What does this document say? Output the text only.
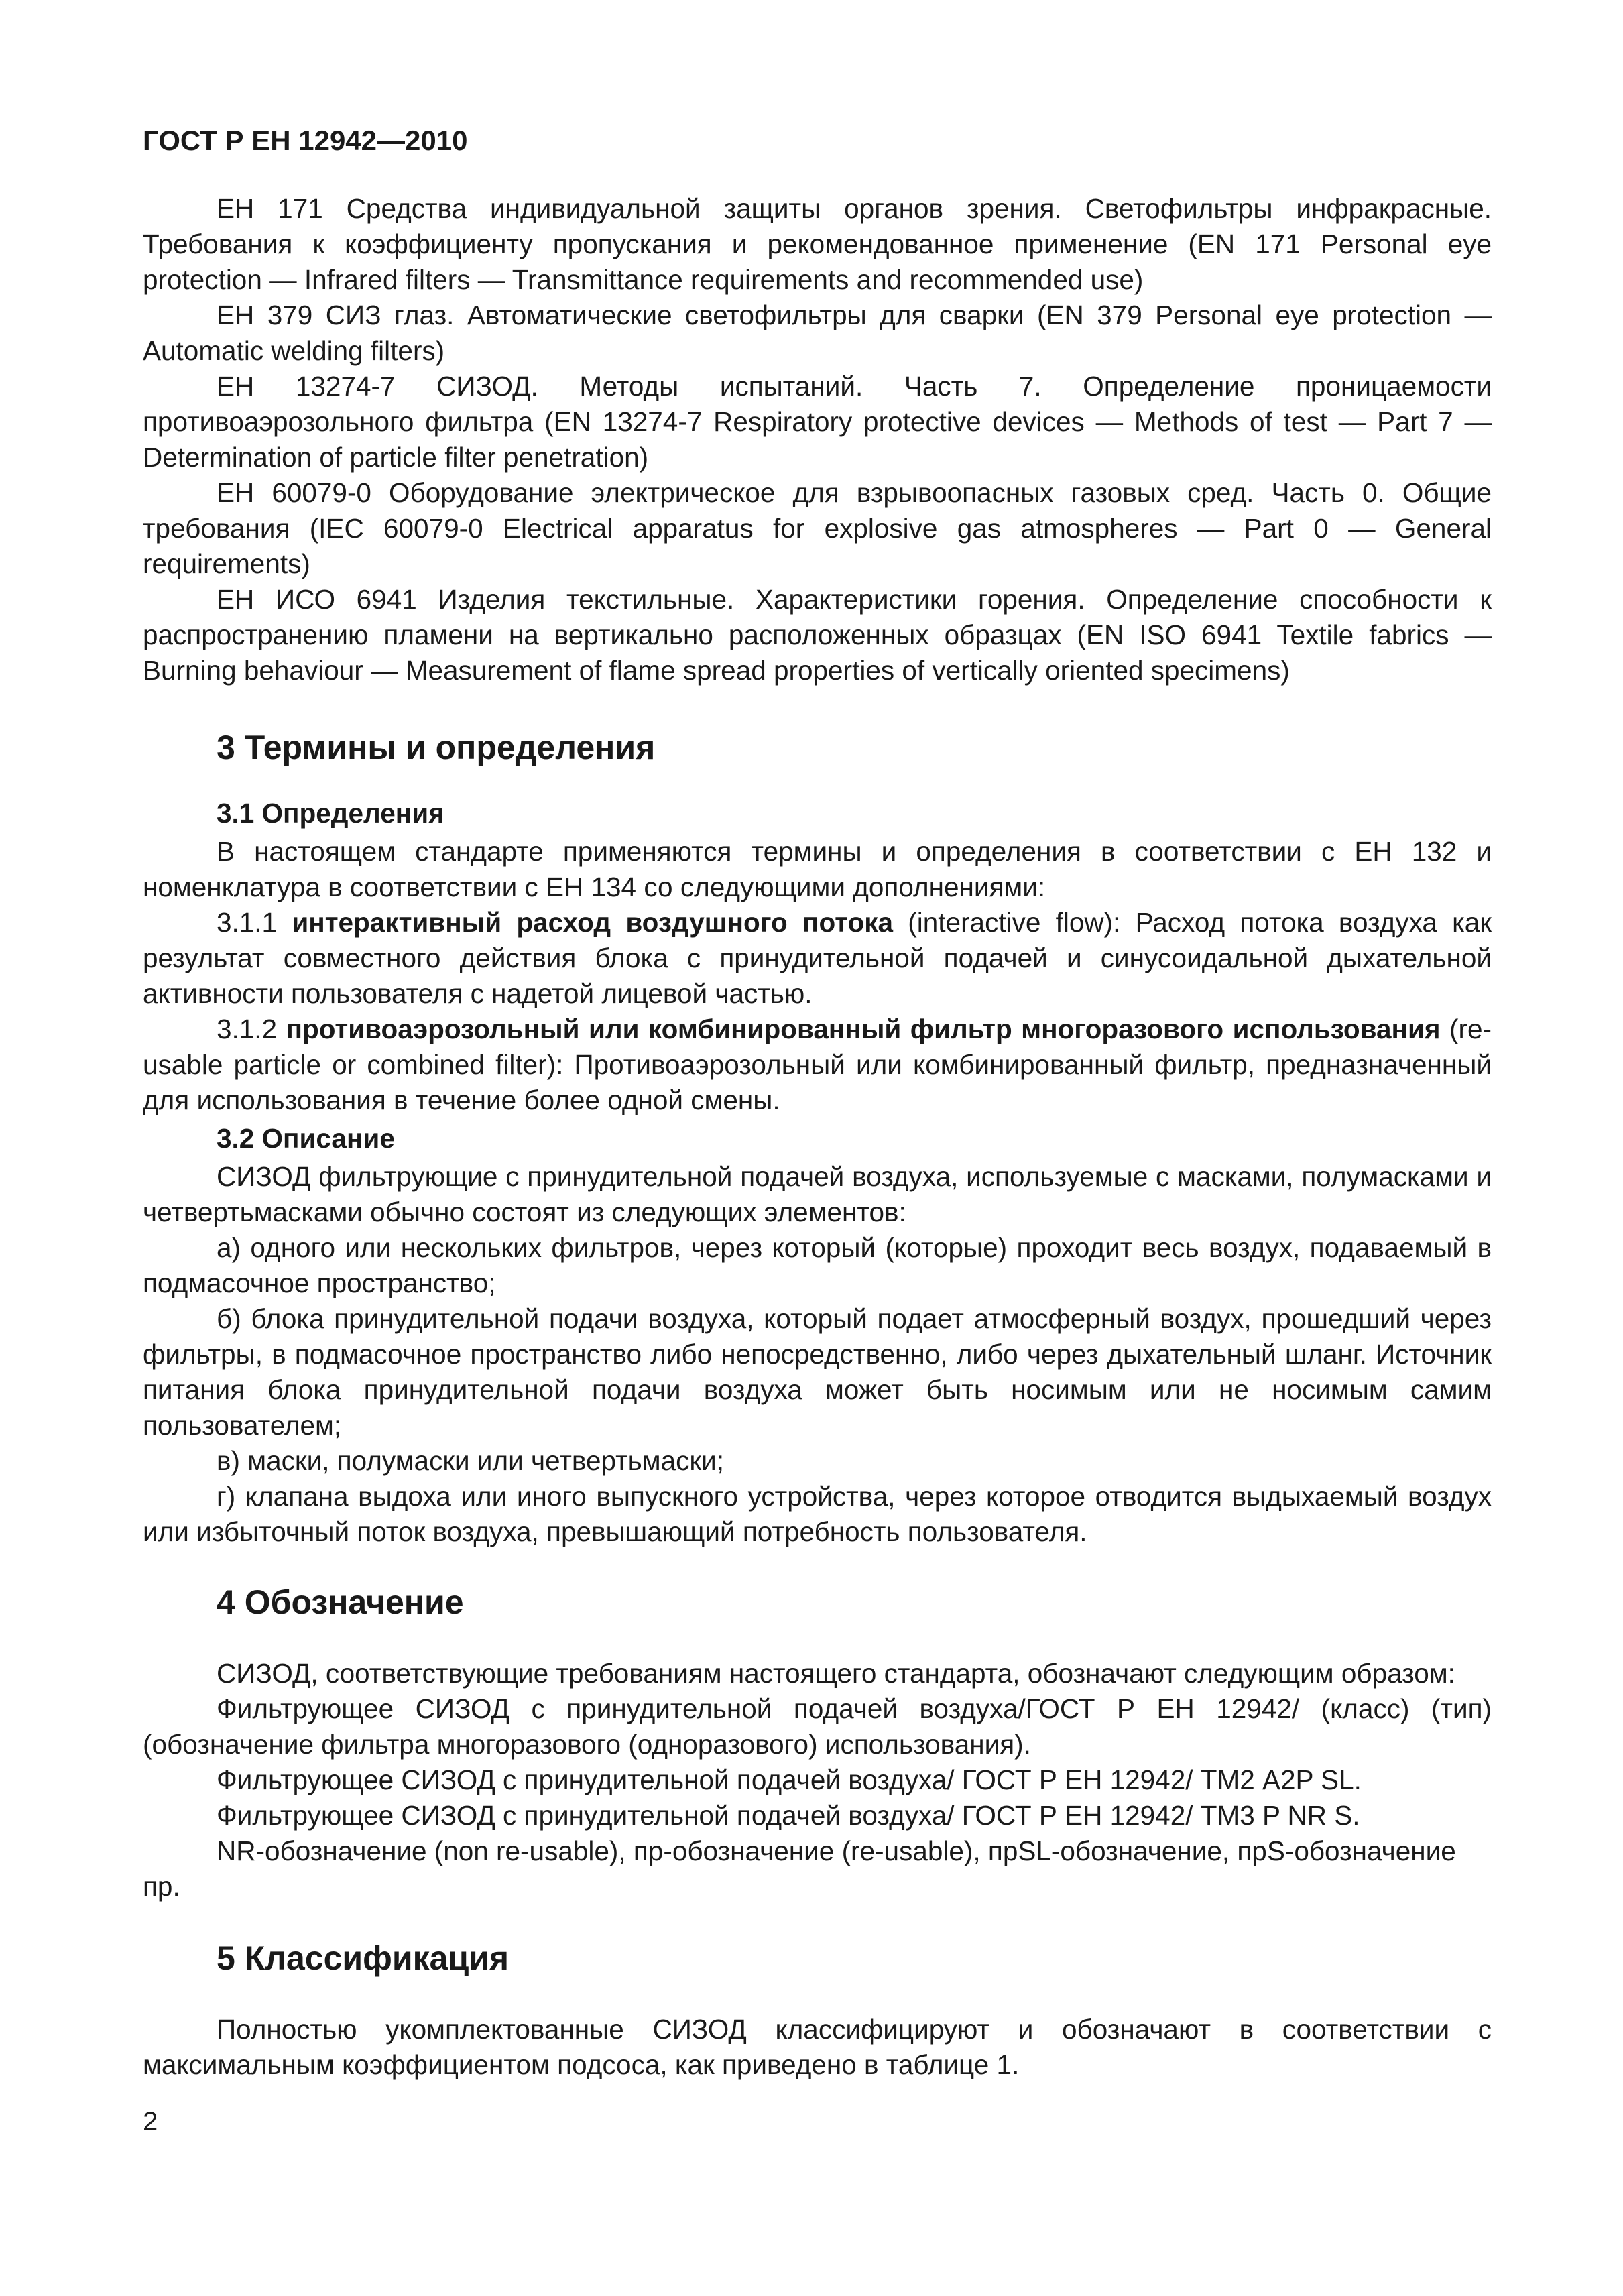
ГОСТ Р ЕН 12942—2010

ЕН 171 Средства индивидуальной защиты органов зрения. Светофильтры инфракрасные. Требования к коэффициенту пропускания и рекомендованное применение (EN 171 Personal eye protection — Infrared filters — Transmittance requirements and recommended use)

ЕН 379 СИЗ глаз. Автоматические светофильтры для сварки (EN 379 Personal eye protection — Automatic welding filters)

ЕН 13274-7 СИЗОД. Методы испытаний. Часть 7. Определение проницаемости противоаэрозольного фильтра (EN 13274-7 Respiratory protective devices — Methods of test — Part 7 — Determination of particle filter penetration)

ЕН 60079-0 Оборудование электрическое для взрывоопасных газовых сред. Часть 0. Общие требования (IEC 60079-0 Electrical apparatus for explosive gas atmospheres — Part 0 — General requirements)

ЕН ИСО 6941 Изделия текстильные. Характеристики горения. Определение способности к распространению пламени на вертикально расположенных образцах (EN ISO 6941 Textile fabrics — Burning behaviour — Measurement of flame spread properties of vertically oriented specimens)

3 Термины и определения
3.1 Определения

В настоящем стандарте применяются термины и определения в соответствии с ЕН 132 и номенклатура в соответствии с ЕН 134 со следующими дополнениями:

3.1.1 интерактивный расход воздушного потока (interactive flow): Расход потока воздуха как результат совместного действия блока с принудительной подачей и синусоидальной дыхательной активности пользователя с надетой лицевой частью.

3.1.2 противоаэрозольный или комбинированный фильтр многоразового использования (re-usable particle or combined filter): Противоаэрозольный или комбинированный фильтр, предназначенный для использования в течение более одной смены.

3.2 Описание

СИЗОД фильтрующие с принудительной подачей воздуха, используемые с масками, полумасками и четвертьмасками обычно состоят из следующих элементов:

а) одного или нескольких фильтров, через который (которые) проходит весь воздух, подаваемый в подмасочное пространство;

б) блока принудительной подачи воздуха, который подает атмосферный воздух, прошедший через фильтры, в подмасочное пространство либо непосредственно, либо через дыхательный шланг. Источник питания блока принудительной подачи воздуха может быть носимым или не носимым самим пользователем;

в) маски, полумаски или четвертьмаски;

г) клапана выдоха или иного выпускного устройства, через которое отводится выдыхаемый воздух или избыточный поток воздуха, превышающий потребность пользователя.

4 Обозначение

СИЗОД, соответствующие требованиям настоящего стандарта, обозначают следующим образом:

Фильтрующее СИЗОД с принудительной подачей воздуха/ГОСТ Р ЕН 12942/ (класс) (тип) (обозначение фильтра многоразового (одноразового) использования).

Фильтрующее СИЗОД с принудительной подачей воздуха/ ГОСТ Р ЕН 12942/ ТМ2 A2P SL.

Фильтрующее СИЗОД с принудительной подачей воздуха/ ГОСТ Р ЕН 12942/ ТМ3 P NR S.

NR-обозначение (non re-usable), пр-обозначение (re-usable), прSL-обозначение, прS-обозначение пр.

5 Классификация

Полностью укомплектованные СИЗОД классифицируют и обозначают в соответствии с максимальным коэффициентом подсоса, как приведено в таблице 1.

2
